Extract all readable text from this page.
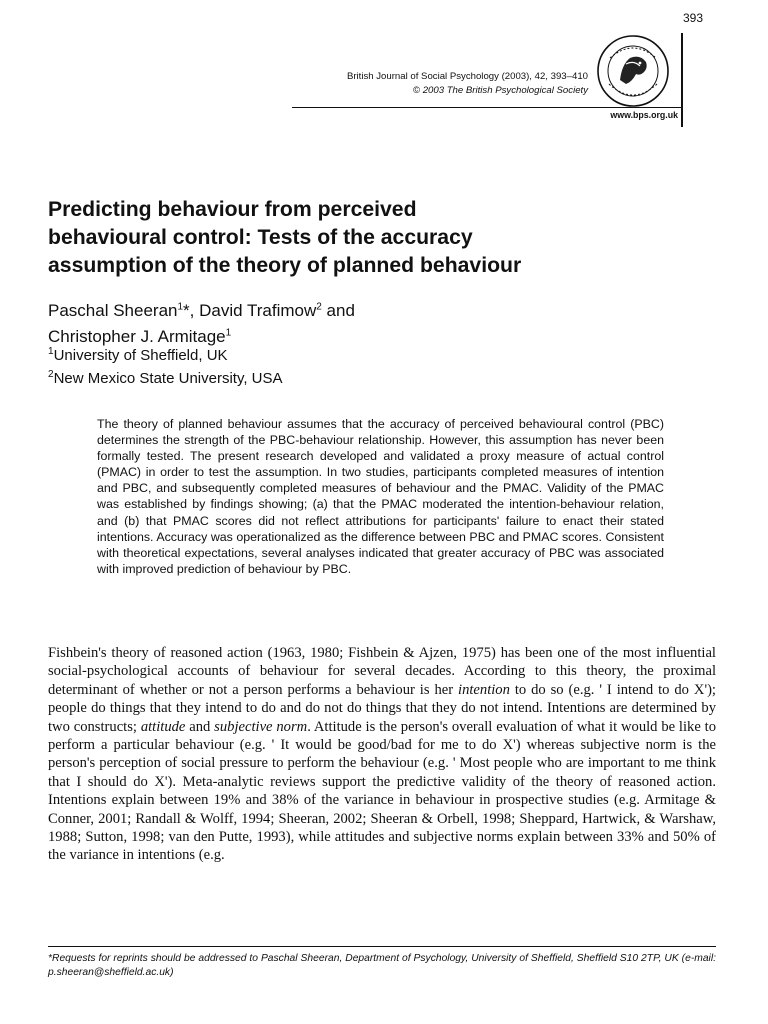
393
British Journal of Social Psychology (2003), 42, 393–410
© 2003 The British Psychological Society
www.bps.org.uk
Predicting behaviour from perceived
behavioural control: Tests of the accuracy
assumption of the theory of planned behaviour
Paschal Sheeran$^1$*, David Trafimow$^2$ and
Christopher J. Armitage$^1$
$^1$University of Sheffield, UK
$^2$New Mexico State University, USA

The theory of planned behaviour assumes that the accuracy of perceived behavioural control (PBC) determines the strength of the PBC-behaviour relationship. However, this assumption has never been formally tested. The present research developed and validated a proxy measure of actual control (PMAC) in order to test the assumption. In two studies, participants completed measures of intention and PBC, and subsequently completed measures of behaviour and the PMAC. Validity of the PMAC was established by findings showing; (a) that the PMAC moderated the intention-behaviour relation, and (b) that PMAC scores did not reflect attributions for participants' failure to enact their stated intentions. Accuracy was operationalized as the difference between PBC and PMAC scores. Consistent with theoretical expectations, several analyses indicated that greater accuracy of PBC was associated with improved prediction of behaviour by PBC.

Fishbein's theory of reasoned action (1963, 1980; Fishbein & Ajzen, 1975) has been one of the most influential social-psychological accounts of behaviour for several decades. According to this theory, the proximal determinant of whether or not a person performs a behaviour is her intention to do so (e.g. ' I intend to do X'); people do things that they intend to do and do not do things that they do not intend. Intentions are determined by two constructs; attitude and subjective norm. Attitude is the person's overall evaluation of what it would be like to perform a particular behaviour (e.g. ' It would be good/bad for me to do X') whereas subjective norm is the person's perception of social pressure to perform the behaviour (e.g. ' Most people who are important to me think that I should do X'). Meta-analytic reviews support the predictive validity of the theory of reasoned action. Intentions explain between 19% and 38% of the variance in behaviour in prospective studies (e.g. Armitage & Conner, 2001; Randall & Wolff, 1994; Sheeran, 2002; Sheeran & Orbell, 1998; Sheppard, Hartwick, & Warshaw, 1988; Sutton, 1998; van den Putte, 1993), while attitudes and subjective norms explain between 33% and 50% of the variance in intentions (e.g.

*Requests for reprints should be addressed to Paschal Sheeran, Department of Psychology, University of Sheffield, Sheffield S10 2TP, UK (e-mail: p.sheeran@sheffield.ac.uk)
